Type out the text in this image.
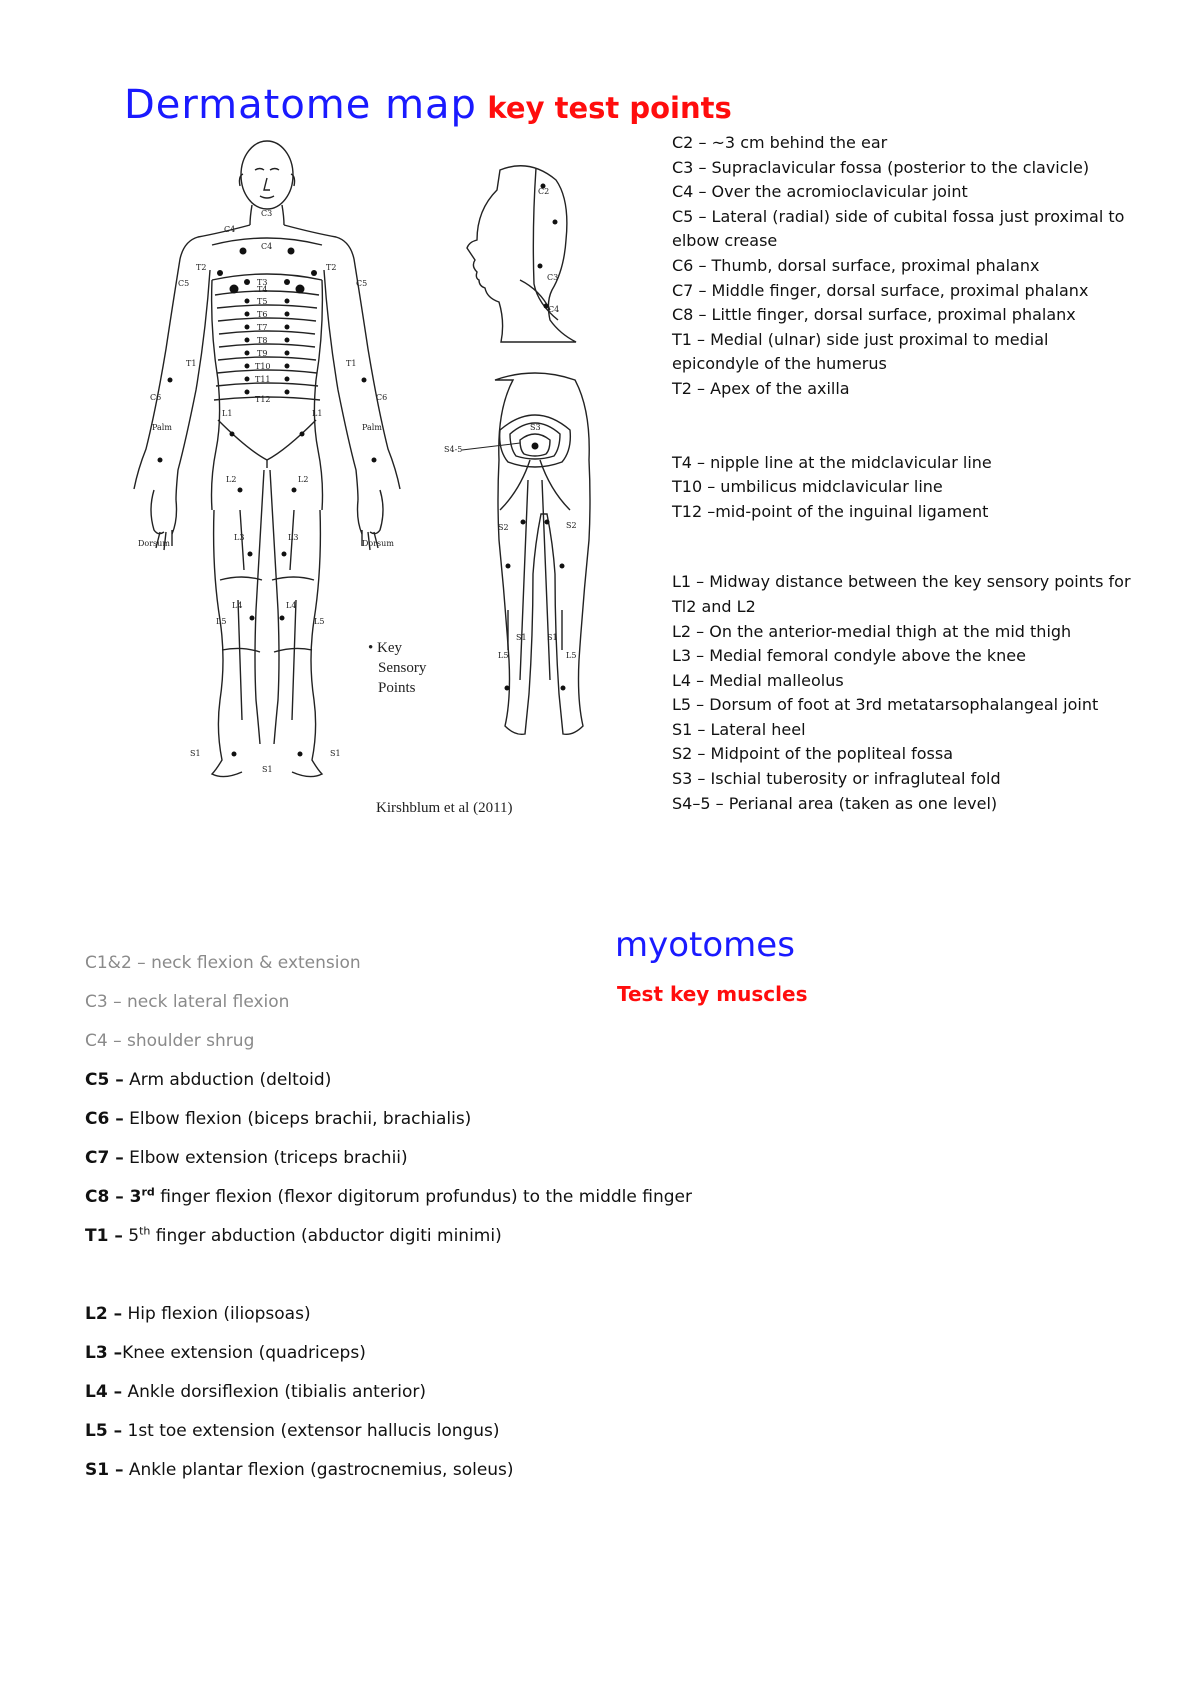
Dermatome map key test points
C3
C4
C4
T2	T2
T3
T4
T5
T6
T7
T8
T9
T10
T11
T12
C5	C5
T1	T1
C6	C6
Palm	Palm
Dorsum	Dorsum
L1	L1
L2	L2
L3	L3
L4	L4
L5	L5
S1	S1
S1
C2
C3
C4
S3
S4-5
S2	S2
S1	S1
L5	L5
• Key
Sensory
Points
Kirshblum et al (2011)
C2 – ~3 cm behind the ear
C3 – Supraclavicular fossa (posterior to the clavicle)
C4 – Over the acromioclavicular joint
C5 – Lateral (radial) side of cubital fossa just proximal to elbow crease
C6 – Thumb, dorsal surface, proximal phalanx
C7 – Middle finger, dorsal surface, proximal phalanx
C8 – Little finger, dorsal surface, proximal phalanx
T1 – Medial (ulnar) side just proximal to medial epicondyle of the humerus
T2 – Apex of the axilla
T4 – nipple line at the midclavicular line
T10 – umbilicus midclavicular line
T12 –mid-point of the inguinal ligament
L1 – Midway distance between the key sensory points for Tl2 and L2
L2 – On the anterior-medial thigh at the mid thigh
L3 – Medial femoral condyle above the knee
L4 – Medial malleolus
L5 – Dorsum of foot at 3rd metatarsophalangeal joint
S1 – Lateral heel
S2 – Midpoint of the popliteal fossa
S3 – Ischial tuberosity or infragluteal fold
S4–5 – Perianal area (taken as one level)
myotomes
Test key muscles
C1&2 – neck flexion & extension
C3 – neck lateral flexion
C4 – shoulder shrug
C5 – Arm abduction (deltoid)
C6 – Elbow flexion (biceps brachii, brachialis)
C7 – Elbow extension (triceps brachii)
C8 – 3rd finger flexion (flexor digitorum profundus) to the middle finger
T1 – 5th finger abduction (abductor digiti minimi)
L2 – Hip flexion (iliopsoas)
L3 –Knee extension (quadriceps)
L4 – Ankle dorsiflexion (tibialis anterior)
L5 – 1st toe extension (extensor hallucis longus)
S1 – Ankle plantar flexion (gastrocnemius, soleus)
